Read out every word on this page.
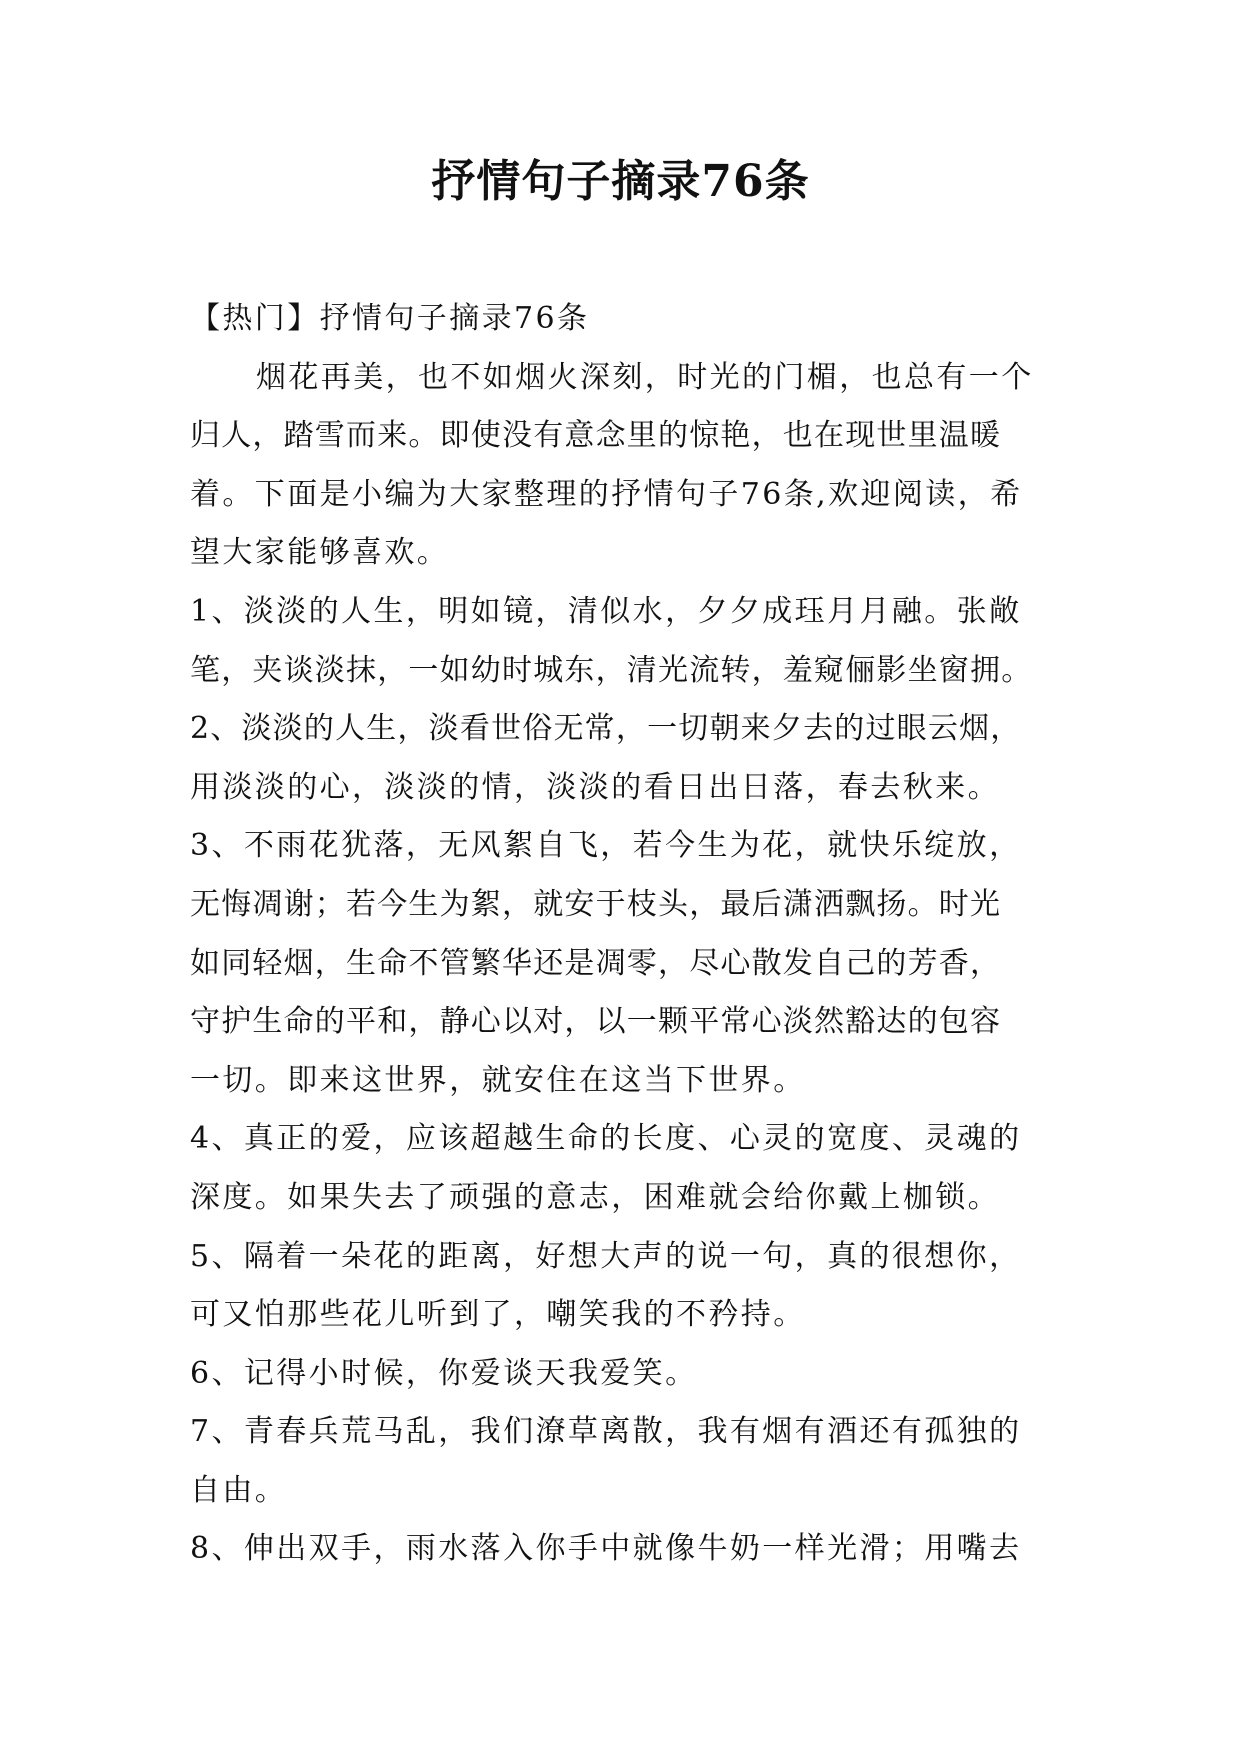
抒情句子摘录76条
【热门】抒情句子摘录76条
烟花再美，也不如烟火深刻，时光的门楣，也总有一个
归人，踏雪而来。即使没有意念里的惊艳，也在现世里温暖
着。下面是小编为大家整理的抒情句子76条,欢迎阅读，希
望大家能够喜欢。
1、淡淡的人生，明如镜，清似水，夕夕成珏月月融。张敞
笔，夹谈淡抹，一如幼时城东，清光流转，羞窥俪影坐窗拥。
2、淡淡的人生，淡看世俗无常，一切朝来夕去的过眼云烟，
用淡淡的心，淡淡的情，淡淡的看日出日落，春去秋来。
3、不雨花犹落，无风絮自飞，若今生为花，就快乐绽放，
无悔凋谢；若今生为絮，就安于枝头，最后潇洒飘扬。时光
如同轻烟，生命不管繁华还是凋零，尽心散发自己的芳香，
守护生命的平和，静心以对，以一颗平常心淡然豁达的包容
一切。即来这世界，就安住在这当下世界。
4、真正的爱，应该超越生命的长度、心灵的宽度、灵魂的
深度。如果失去了顽强的意志，困难就会给你戴上枷锁。
5、隔着一朵花的距离，好想大声的说一句，真的很想你，
可又怕那些花儿听到了，嘲笑我的不矜持。
6、记得小时候，你爱谈天我爱笑。
7、青春兵荒马乱，我们潦草离散，我有烟有酒还有孤独的
自由。
8、伸出双手，雨水落入你手中就像牛奶一样光滑；用嘴去
